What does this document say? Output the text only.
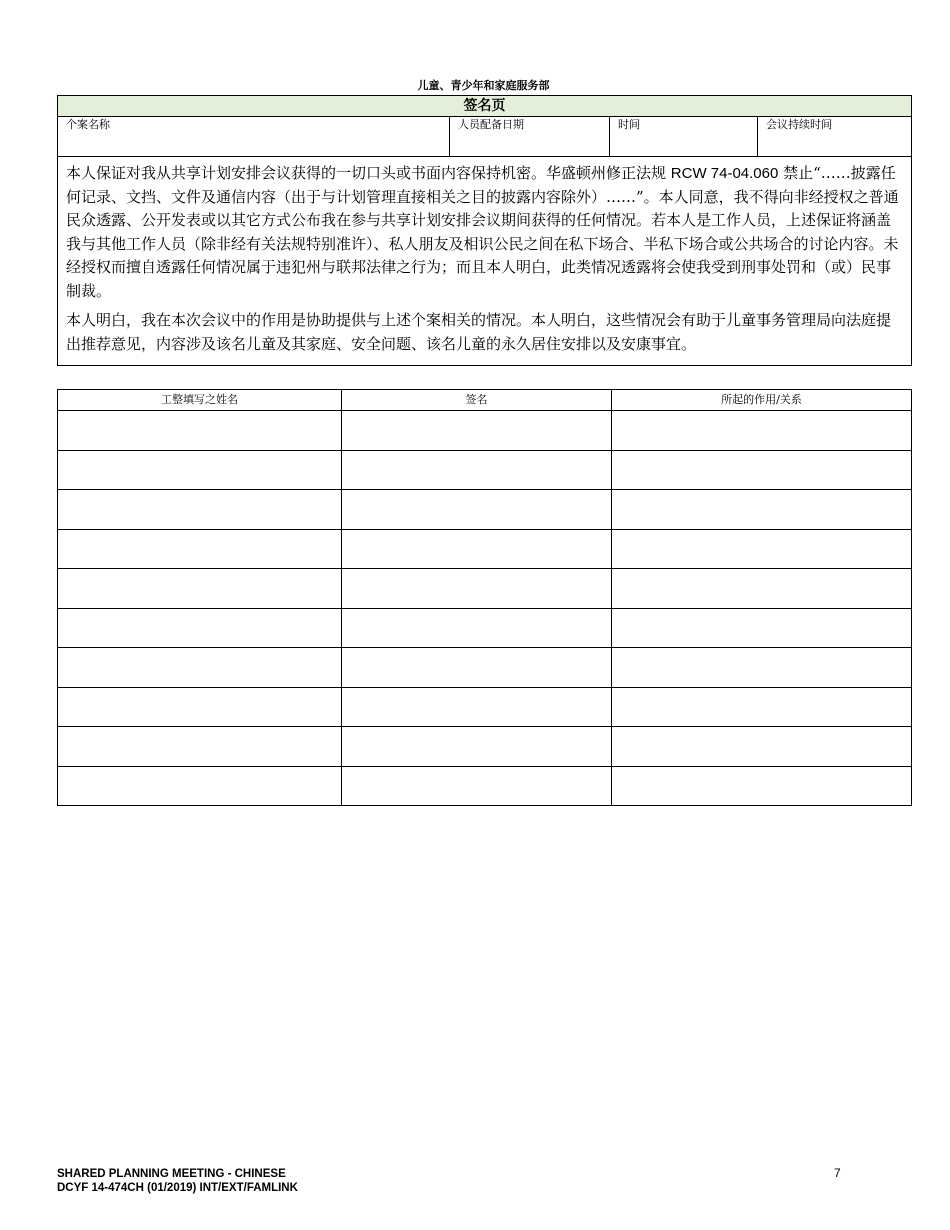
儿童、青少年和家庭服务部
签名页
个案名称	人员配备日期	时间	会议持续时间

本人保证对我从共享计划安排会议获得的一切口头或书面内容保持机密。华盛顿州修正法规 RCW 74-04.060 禁止“……披露任何记录、文挡、文件及通信内容（出于与计划管理直接相关之目的披露内容除外）……”。本人同意，我不得向非经授权之普通民众透露、公开发表或以其它方式公布我在参与共享计划安排会议期间获得的任何情况。若本人是工作人员，上述保证将涵盖我与其他工作人员（除非经有关法规特别准许）、私人朋友及相识公民之间在私下场合、半私下场合或公共场合的讨论内容。未经授权而擅自透露任何情况属于违犯州与联邦法律之行为；而且本人明白，此类情况透露将会使我受到刑事处罚和（或）民事制裁。

本人明白，我在本次会议中的作用是协助提供与上述个案相关的情况。本人明白，这些情况会有助于儿童事务管理局向法庭提出推荐意见，内容涉及该名儿童及其家庭、安全问题、该名儿童的永久居住安排以及安康事宜。

工整填写之姓名	签名	所起的作用/关系

SHARED PLANNING MEETING - CHINESE
DCYF 14-474CH (01/2019) INT/EXT/FAMLINK
7
